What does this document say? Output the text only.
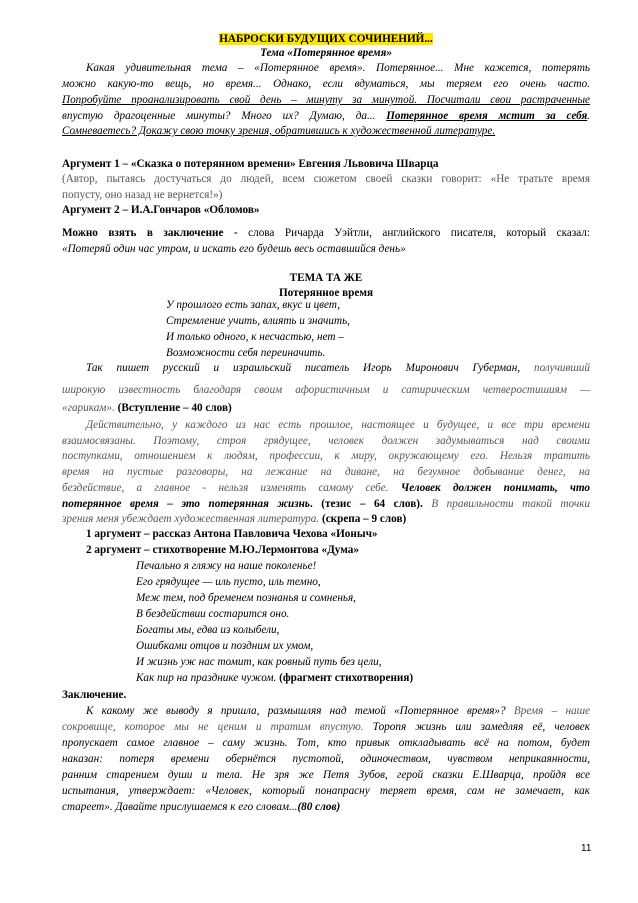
НАБРОСКИ БУДУЩИХ СОЧИНЕНИЙ...
Тема «Потерянное время»
Какая удивительная тема – «Потерянное время». Потерянное... Мне кажется, потерять
можно какую-то вещь, но время... Однако, если вдуматься, мы теряем его очень часто.
Попробуйте проанализировать свой день – минуту за минутой. Посчитали свои растраченные
впустую драгоценные минуты? Много их? Думаю, да... Потерянное время мстит за себя.
Сомневаетесь? Докажу свою точку зрения, обратившись к художественной литературе.
Аргумент 1 – «Сказка о потерянном времени» Евгения Львовича Шварца
(Автор, пытаясь достучаться до людей, всем сюжетом своей сказки говорит: «Не тратьте время
попусту, оно назад не вернется!»)
Аргумент 2 – И.А.Гончаров «Обломов»
Можно взять в заключение - слова Ричарда Уэйтли, английского писателя, который сказал:
«Потеряй один час утром, и искать его будешь весь оставшийся день»
ТЕМА ТА ЖЕ
Потерянное время
У прошлого есть запах, вкус и цвет,
Стремление учить, влиять и значить,
И только одного, к несчастью, нет –
Возможности себя переиначить.
Так пишет русский и израильский писатель Игорь Миронович Губерман, получивший
широкую известность благодаря своим афористичным и сатирическим четверостишиям —
«гарикам». (Вступление – 40 слов)
Действительно, у каждого из нас есть прошлое, настоящее и будущее, и все три времени
взаимосвязаны. Поэтому, строя грядущее, человек должен задумываться над своими
поступками, отношением к людям, профессии, к миру, окружающему его. Нельзя тратить
время на пустые разговоры, на лежание на диване, на безумное добывание денег, на
бездействие, а главное - нельзя изменять самому себе. Человек должен понимать, что
потерянное время – это потерянная жизнь. (тезис – 64 слов). В правильности такой точки
зрения меня убеждает художественная литература. (скрепа – 9 слов)
1 аргумент – рассказ Антона Павловича Чехова «Ионыч»
2 аргумент – стихотворение М.Ю.Лермонтова «Дума»
Печально я гляжу на наше поколенье!
Его грядущее — иль пусто, иль темно,
Меж тем, под бременем познанья и сомненья,
В бездействии состарится оно.
Богаты мы, едва из колыбели,
Ошибками отцов и поздним их умом,
И жизнь уж нас томит, как ровный путь без цели,
Как пир на празднике чужом. (фрагмент стихотворения)
Заключение.
К какому же выводу я пришла, размышляя над темой «Потерянное время»? Время – наше
сокровище, которое мы не ценим и тратим впустую. Торопя жизнь или замедляя её, человек
пропускает самое главное – саму жизнь. Тот, кто привык откладывать всё на потом, будет
наказан: потеря времени обернётся пустотой, одиночеством, чувством неприкаянности,
ранним старением души и тела. Не зря же Петя Зубов, герой сказки Е.Шварца, пройдя все
испытания, утверждает: «Человек, который понапрасну теряет время, сам не замечает, как
стареет». Давайте прислушаемся к его словам...(80 слов)
11
